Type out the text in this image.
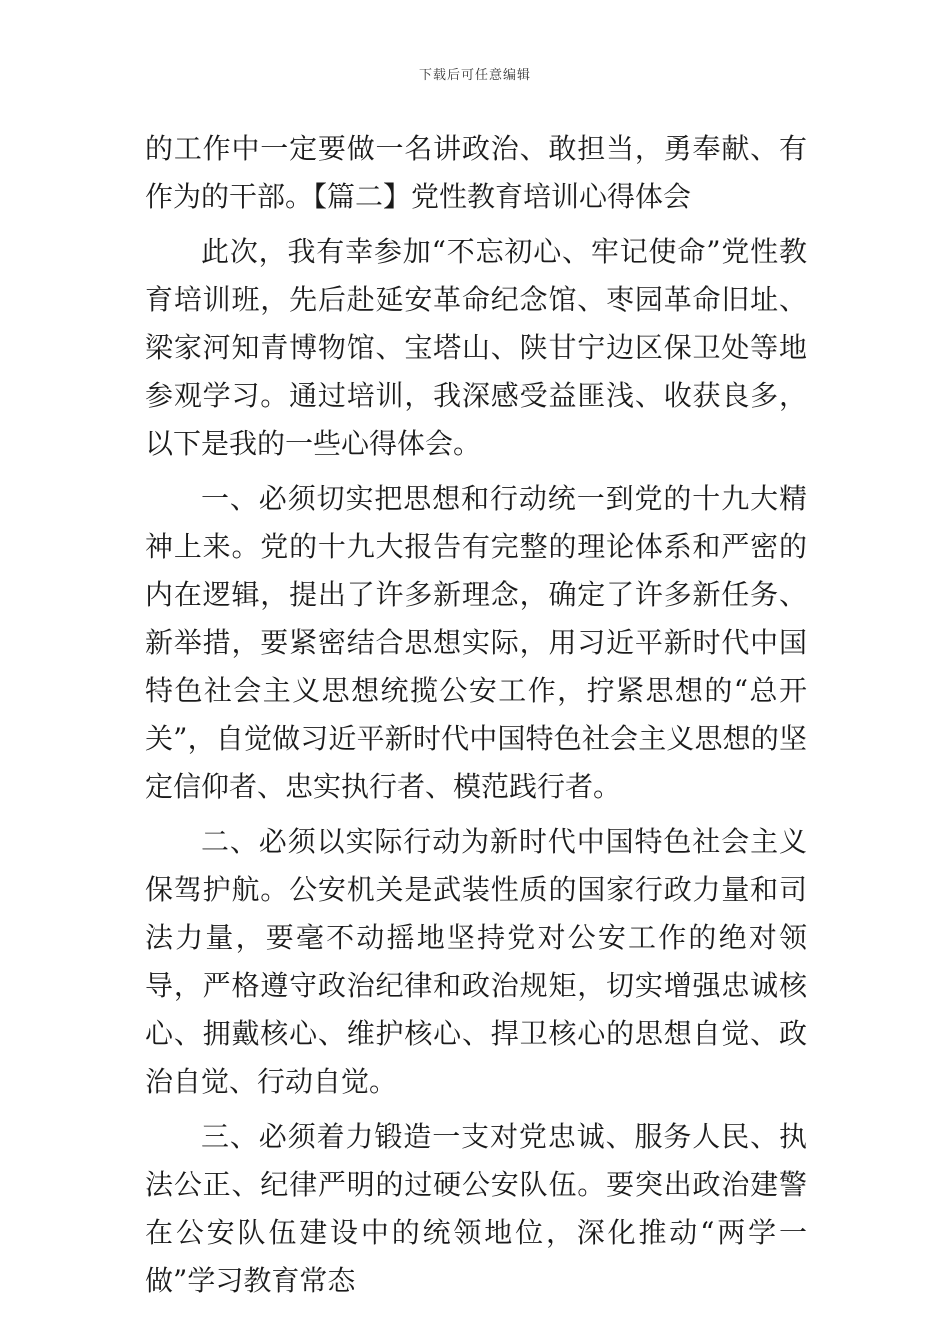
下载后可任意编辑

的工作中一定要做一名讲政治、敢担当，勇奉献、有作为的干部。【篇二】党性教育培训心得体会

此次，我有幸参加“不忘初心、牢记使命”党性教育培训班，先后赴延安革命纪念馆、枣园革命旧址、梁家河知青博物馆、宝塔山、陕甘宁边区保卫处等地参观学习。通过培训，我深感受益匪浅、收获良多，以下是我的一些心得体会。

一、必须切实把思想和行动统一到党的十九大精神上来。党的十九大报告有完整的理论体系和严密的内在逻辑，提出了许多新理念，确定了许多新任务、新举措，要紧密结合思想实际，用习近平新时代中国特色社会主义思想统揽公安工作，拧紧思想的“总开关”，自觉做习近平新时代中国特色社会主义思想的坚定信仰者、忠实执行者、模范践行者。

二、必须以实际行动为新时代中国特色社会主义保驾护航。公安机关是武装性质的国家行政力量和司法力量，要毫不动摇地坚持党对公安工作的绝对领导，严格遵守政治纪律和政治规矩，切实增强忠诚核心、拥戴核心、维护核心、捍卫核心的思想自觉、政治自觉、行动自觉。

三、必须着力锻造一支对党忠诚、服务人民、执法公正、纪律严明的过硬公安队伍。要突出政治建警在公安队伍建设中的统领地位，深化推动“两学一做”学习教育常态
